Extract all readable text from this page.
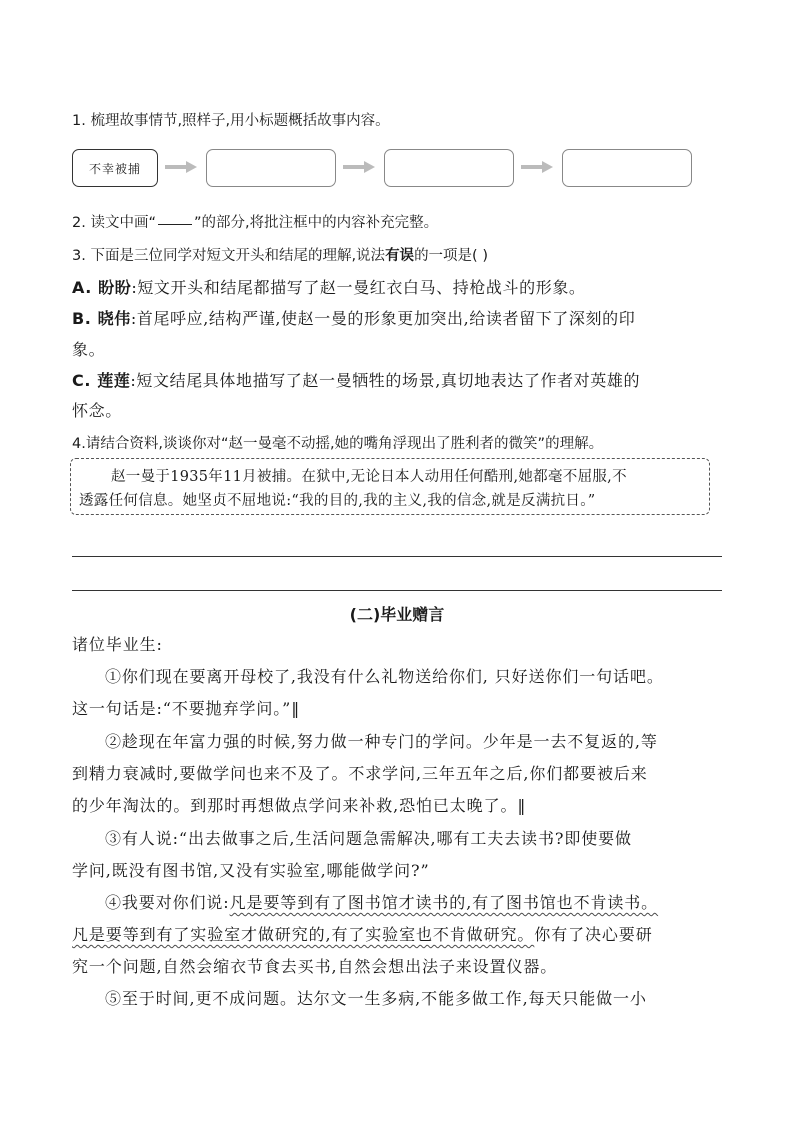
1. 梳理故事情节,照样子,用小标题概括故事内容。
不幸被捕
2. 读文中画“	”的部分,将批注框中的内容补充完整。
3. 下面是三位同学对短文开头和结尾的理解,说法有误的一项是( )
A. 盼盼:短文开头和结尾都描写了赵一曼红衣白马、持枪战斗的形象。
B. 晓伟:首尾呼应,结构严谨,使赵一曼的形象更加突出,给读者留下了深刻的印
象。
C. 莲莲:短文结尾具体地描写了赵一曼牺牲的场景,真切地表达了作者对英雄的
怀念。
4.请结合资料,谈谈你对“赵一曼毫不动摇,她的嘴角浮现出了胜利者的微笑”的理解。
赵一曼于1935年11月被捕。在狱中,无论日本人动用任何酷刑,她都毫不屈服,不
透露任何信息。她坚贞不屈地说:“我的目的,我的主义,我的信念,就是反满抗日。”
(二)毕业赠言
诸位毕业生:
①你们现在要离开母校了,我没有什么礼物送给你们, 只好送你们一句话吧。
这一句话是:“不要抛弃学问。”‖
②趁现在年富力强的时候,努力做一种专门的学问。少年是一去不复返的,等
到精力衰减时,要做学问也来不及了。不求学问,三年五年之后,你们都要被后来
的少年淘汰的。到那时再想做点学问来补救,恐怕已太晚了。‖
③有人说:“出去做事之后,生活问题急需解决,哪有工夫去读书?即使要做
学问,既没有图书馆,又没有实验室,哪能做学问?”
④我要对你们说:凡是要等到有了图书馆才读书的,有了图书馆也不肯读书。
凡是要等到有了实验室才做研究的,有了实验室也不肯做研究。你有了决心要研
究一个问题,自然会缩衣节食去买书,自然会想出法子来设置仪器。
⑤至于时间,更不成问题。达尔文一生多病,不能多做工作,每天只能做一小
